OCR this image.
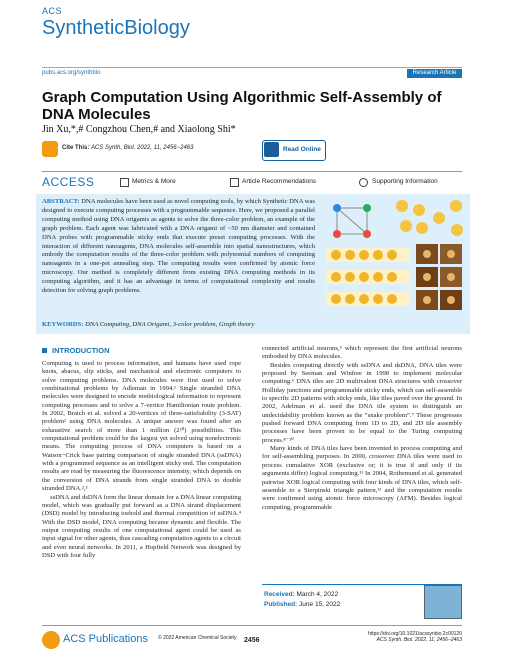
ACS
SyntheticBiology
pubs.acs.org/synthbio	Research Article
Graph Computation Using Algorithmic Self-Assembly of DNA Molecules
Jin Xu,*,# Congzhou Chen,# and Xiaolong Shi*
Cite This: ACS Synth. Biol. 2022, 11, 2456−2463	Read Online
ACCESS	Metrics & More	Article Recommendations	Supporting Information
ABSTRACT: DNA molecules have been used as novel computing tools, by which Synthetic DNA was designed to execute computing processes with a programmable sequence. Here, we proposed a parallel computing method using DNA origamis as agents to solve the three-color problem, an example of the graph problem. Each agent was fabricated with a DNA origami of ~50 nm diameter and contained DNA probes with programmable sticky ends that execute preset computing processes. With the interaction of different nanoagents, DNA molecules self-assemble into spatial nanostructures, which embody the computation results of the three-color problem with polynomial numbers of computing nanoagents in a one-pot annealing step. The computing results were confirmed by atomic force microscopy. Our method is completely different from existing DNA computing methods in its computing algorithm, and it has an advantage in terms of computational complexity and results detection for solving graph problems.
KEYWORDS: DNA Computing, DNA Origami, 3-color problem, Graph theory
INTRODUCTION

Computing is used to process information, and humans have used rope knots, abacus, slip sticks, and mechanical and electronic computers to solve computing problems. DNA molecules were first used to solve combinational problems by Adleman in 1994.¹ Single stranded DNA molecules were designed to encode nonbiological information to represent computing processes and to solve a 7-vertice Hamiltonian route problem. In 2002, Braich et al. solved a 20-vertices of three-satisfiability (3-SAT) problem² using DNA molecules. A unique answer was found after an exhaustive search of more than 1 million (2²⁰) possibilities. This computational problem could be the largest yet solved using nonelectronic means. The computing process of DNA computers is based on a Watson−Crick base pairing comparison of single stranded DNA (ssDNA) with a programmed sequence as an intelligent sticky end. The computation results are read by measuring the fluorescence intensity, which depends on the conversion of DNA strands from single stranded DNA to double stranded DNA.²,³

ssDNA and dsDNA form the linear domain for a DNA linear computing model, which was gradually put forward as a DNA strand displacement (DSD) model by introducing toehold and thermal competition of ssDNA.⁴ With the DSD model, DNA computing became dynamic and flexible. The output computing results of one computational agent could be used as input signal for other agents, thus cascading computation agents to a circuit and even neural networks. In 2011, a Hopfield Network was designed by DSD with four fully

connected artificial neurons,⁵ which represent the first artificial neurons embodied by DNA molecules.

Besides computing directly with ssDNA and dsDNA, DNA tiles were proposed by Seeman and Winfree in 1998 to implement molecular computing.⁶ DNA tiles are 2D multivalent DNA structures with crossover Holliday junctions and programmable sticky ends, which can self-assemble to specific 2D patterns with sticky ends, like tiles paved over the ground. In 2002, Adelman et al. used the DNA tile system to distinguish an undecidability problem known as the “snake problem”.⁷ These progresses pushed forward DNA computing from 1D to 2D, and 2D tile assembly processes have been proven to be equal to the Turing computing process.⁸⁻¹⁰

Many kinds of DNA tiles have been invented to process computing and for self-assembling purposes. In 2000, crossover DNA tiles were used to process cumulative XOR (exclusive or; it is true if and only if its arguments differ) logical computing.¹¹ In 2004, Rothemund et al. generated pairwise XOR logical computing with four kinds of DNA tiles, which self-assemble to a Sierpinski triangle pattern,¹² and the computation results were confirmed using atomic force microscopy (AFM). Besides logical computing, programmable

Received: March 4, 2022
Published: June 15, 2022
ACS Publications © 2022 American Chemical Society 2456
https://doi.org/10.1021/acssynbio.2c00120
ACS Synth. Biol. 2022, 11, 2456−2463
